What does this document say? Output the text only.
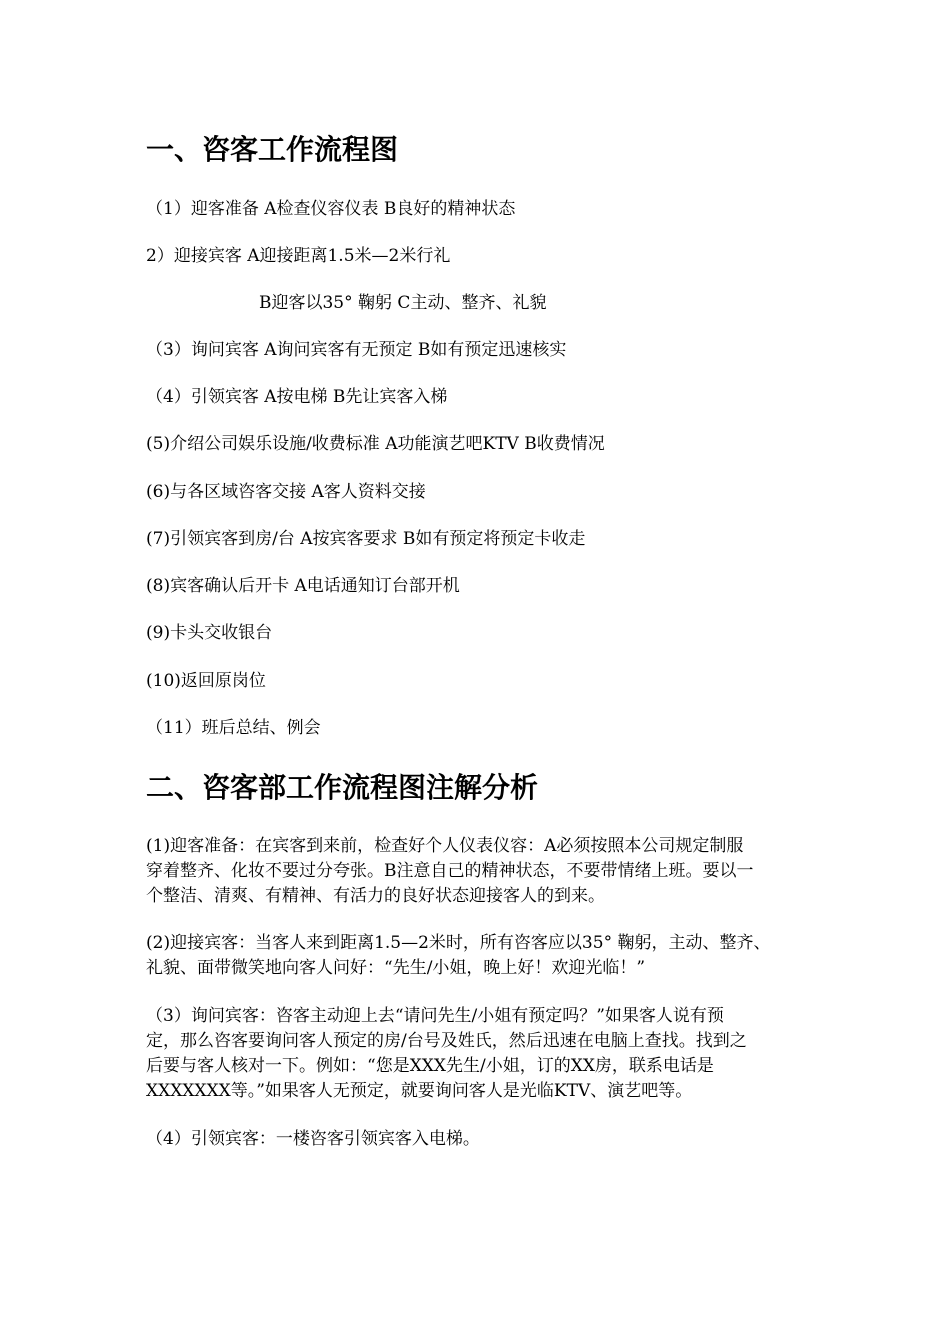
一、咨客工作流程图

（1）迎客准备 A检查仪容仪表 B良好的精神状态

2）迎接宾客 A迎接距离1.5米—2米行礼

B迎客以35° 鞠躬 C主动、整齐、礼貌

（3）询问宾客 A询问宾客有无预定 B如有预定迅速核实

（4）引领宾客 A按电梯 B先让宾客入梯

(5)介绍公司娱乐设施/收费标准 A功能演艺吧KTV B收费情况

(6)与各区域咨客交接 A客人资料交接

(7)引领宾客到房/台 A按宾客要求 B如有预定将预定卡收走

(8)宾客确认后开卡 A电话通知订台部开机

(9)卡头交收银台

(10)返回原岗位

（11）班后总结、例会

二、咨客部工作流程图注解分析
(1)迎客准备：在宾客到来前，检查好个人仪表仪容：A必须按照本公司规定制服
穿着整齐、化妆不要过分夸张。B注意自己的精神状态，不要带情绪上班。要以一
个整洁、清爽、有精神、有活力的良好状态迎接客人的到来。
(2)迎接宾客：当客人来到距离1.5—2米时，所有咨客应以35° 鞠躬，主动、整齐、
礼貌、面带微笑地向客人问好：“先生/小姐，晚上好！欢迎光临！”
（3）询问宾客：咨客主动迎上去“请问先生/小姐有预定吗？”如果客人说有预
定，那么咨客要询问客人预定的房/台号及姓氏，然后迅速在电脑上查找。找到之
后要与客人核对一下。例如：“您是XXX先生/小姐，订的XX房，联系电话是
XXXXXXX等。”如果客人无预定，就要询问客人是光临KTV、演艺吧等。
（4）引领宾客：一楼咨客引领宾客入电梯。
